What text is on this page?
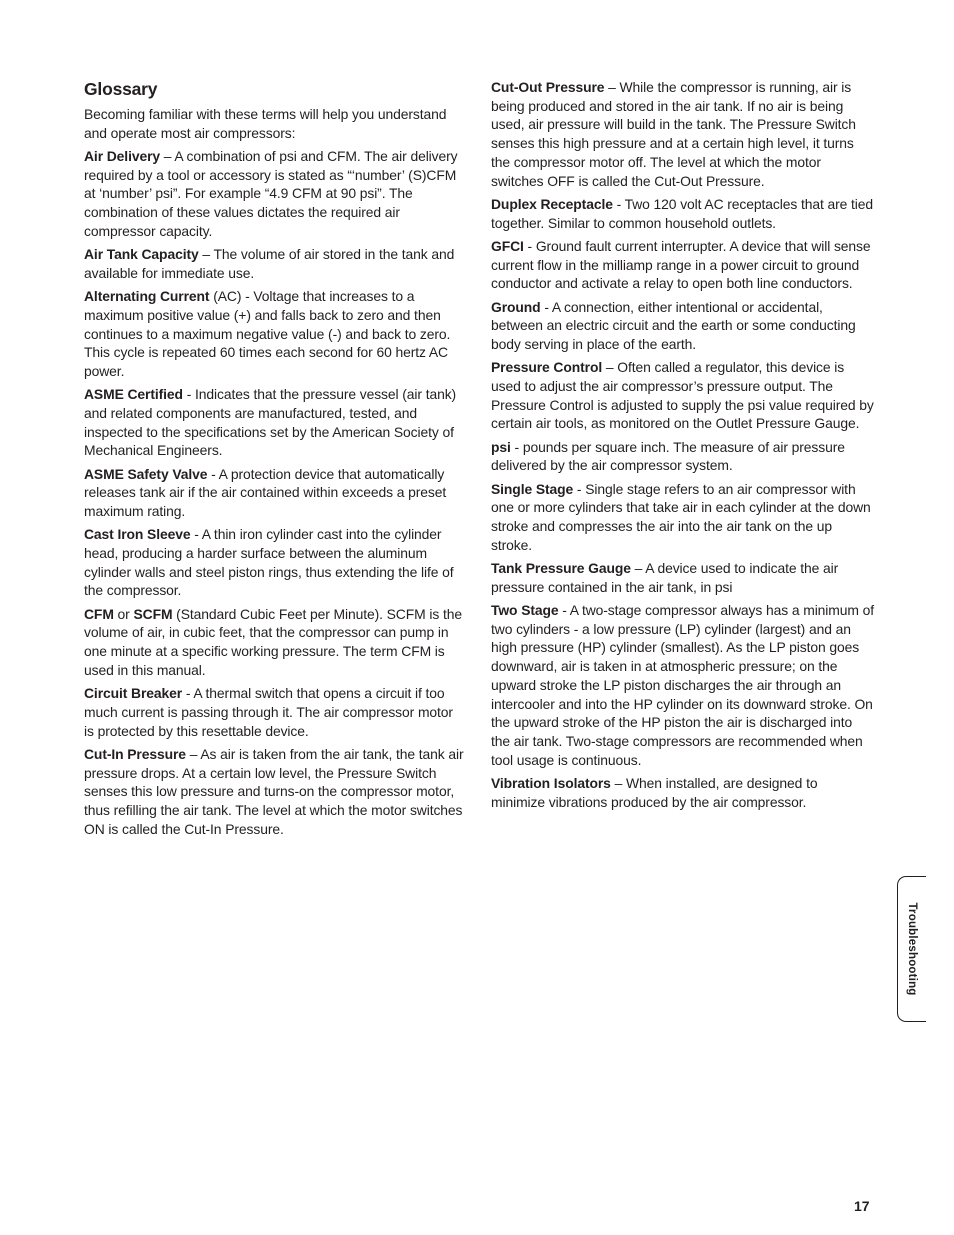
Glossary

Becoming familiar with these terms will help you understand and operate most air compressors:

Air Delivery – A combination of psi and CFM. The air delivery required by a tool or accessory is stated as “‘number’ (S)CFM at ‘number’ psi”. For example “4.9 CFM at 90 psi”. The combination of these values dictates the required air compressor capacity.

Air Tank Capacity – The volume of air stored in the tank and available for immediate use.

Alternating Current (AC) - Voltage that increases to a maximum positive value (+) and falls back to zero and then continues to a maximum negative value (-) and back to zero. This cycle is repeated 60 times each second for 60 hertz AC power.

ASME Certified - Indicates that the pressure vessel (air tank) and related components are manufactured, tested, and inspected to the specifications set by the American Society of Mechanical Engineers.

ASME Safety Valve - A protection device that automatically releases tank air if the air contained within exceeds a preset maximum rating.

Cast Iron Sleeve - A thin iron cylinder cast into the cylinder head, producing a harder surface between the aluminum cylinder walls and steel piston rings, thus extending the life of the compressor.

CFM or SCFM (Standard Cubic Feet per Minute). SCFM is the volume of air, in cubic feet, that the compressor can pump in one minute at a specific working pressure. The term CFM is used in this manual.

Circuit Breaker - A thermal switch that opens a circuit if too much current is passing through it. The air compressor motor is protected by this resettable device.

Cut-In Pressure – As air is taken from the air tank, the tank air pressure drops. At a certain low level, the Pressure Switch senses this low pressure and turns-on the compressor motor, thus refilling the air tank. The level at which the motor switches ON is called the Cut-In Pressure.

Cut-Out Pressure – While the compressor is running, air is being produced and stored in the air tank. If no air is being used, air pressure will build in the tank. The Pressure Switch senses this high pressure and at a certain high level, it turns the compressor motor off. The level at which the motor switches OFF is called the Cut-Out Pressure.

Duplex Receptacle - Two 120 volt AC receptacles that are tied together. Similar to common household outlets.

GFCI - Ground fault current interrupter. A device that will sense current flow in the milliamp range in a power circuit to ground conductor and activate a relay to open both line conductors.

Ground - A connection, either intentional or accidental, between an electric circuit and the earth or some conducting body serving in place of the earth.

Pressure Control – Often called a regulator, this device is used to adjust the air compressor’s pressure output. The Pressure Control is adjusted to supply the psi value required by certain air tools, as monitored on the Outlet Pressure Gauge.

psi - pounds per square inch. The measure of air pressure delivered by the air compressor system.

Single Stage - Single stage refers to an air compressor with one or more cylinders that take air in each cylinder at the down stroke and compresses the air into the air tank on the up stroke.

Tank Pressure Gauge – A device used to indicate the air pressure contained in the air tank, in psi

Two Stage - A two-stage compressor always has a minimum of two cylinders - a low pressure (LP) cylinder (largest) and an high pressure (HP) cylinder (smallest). As the LP piston goes downward, air is taken in at atmospheric pressure; on the upward stroke the LP piston discharges the air through an intercooler and into the HP cylinder on its downward stroke. On the upward stroke of the HP piston the air is discharged into the air tank. Two-stage compressors are recommended when tool usage is continuous.

Vibration Isolators – When installed, are designed to minimize vibrations produced by the air compressor.

Troubleshooting
17
